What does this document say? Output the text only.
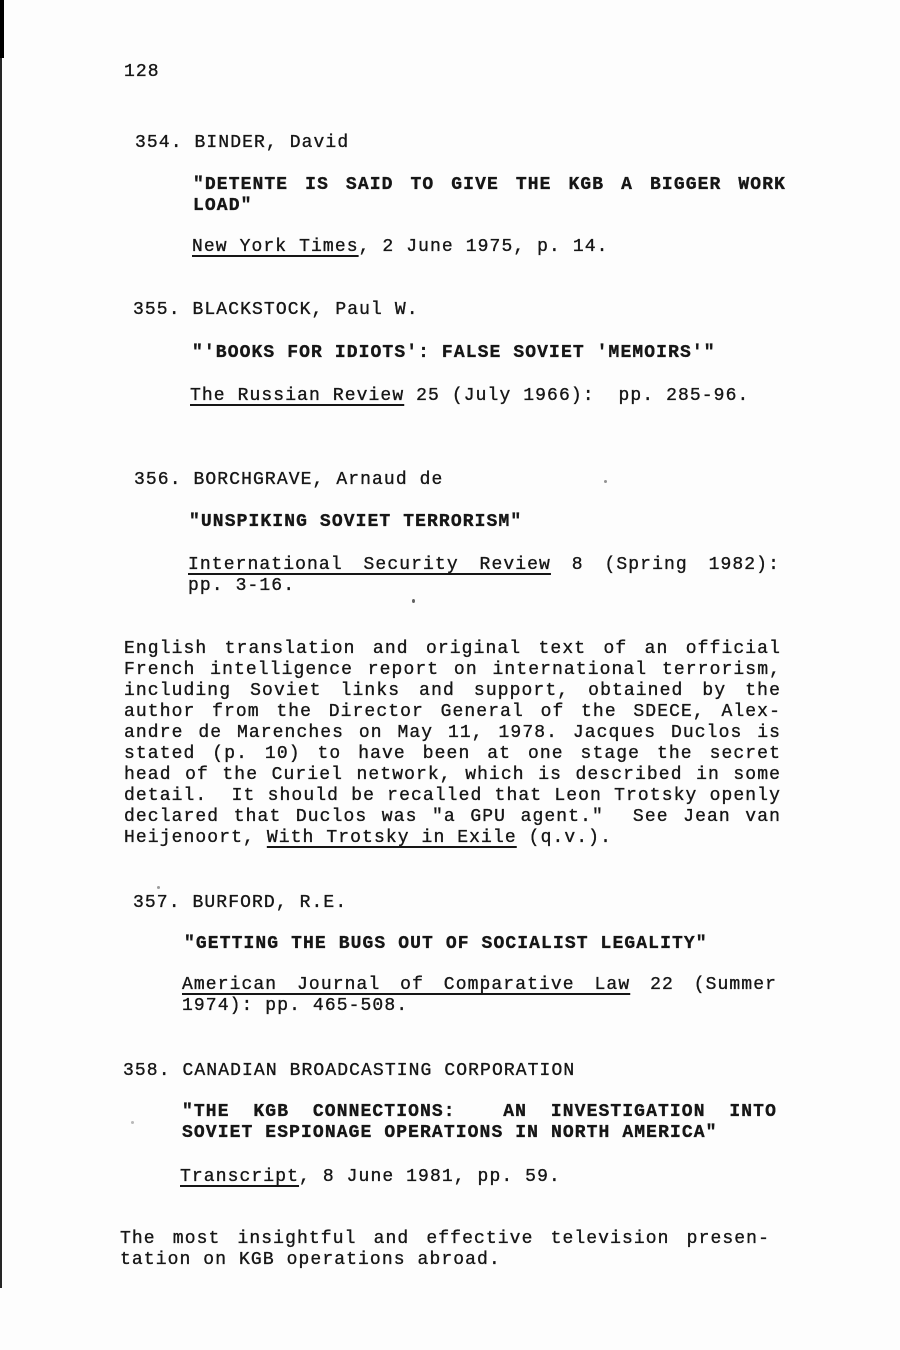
128
354. BINDER, David
"DETENTE IS SAID TO GIVE THE KGB A BIGGER WORK
LOAD"
New York Times, 2 June 1975, p. 14.
355. BLACKSTOCK, Paul W.
"'BOOKS FOR IDIOTS': FALSE SOVIET 'MEMOIRS'"
The Russian Review 25 (July 1966):  pp. 285-96.
356. BORCHGRAVE, Arnaud de
"UNSPIKING SOVIET TERRORISM"
International Security Review 8 (Spring 1982):
pp. 3-16.
English translation and original text of an official
French intelligence report on international terrorism,
including Soviet links and support, obtained by the
author from the Director General of the SDECE, Alex-
andre de Marenches on May 11, 1978. Jacques Duclos is
stated (p. 10) to have been at one stage the secret
head of the Curiel network, which is described in some
detail.  It should be recalled that Leon Trotsky openly
declared that Duclos was "a GPU agent."  See Jean van
Heijenoort, With Trotsky in Exile (q.v.).
357. BURFORD, R.E.
"GETTING THE BUGS OUT OF SOCIALIST LEGALITY"
American Journal of Comparative Law 22 (Summer
1974): pp. 465-508.
358. CANADIAN BROADCASTING CORPORATION
"THE KGB CONNECTIONS:  AN INVESTIGATION INTO
SOVIET ESPIONAGE OPERATIONS IN NORTH AMERICA"
Transcript, 8 June 1981, pp. 59.
The most insightful and effective television presen-
tation on KGB operations abroad.
